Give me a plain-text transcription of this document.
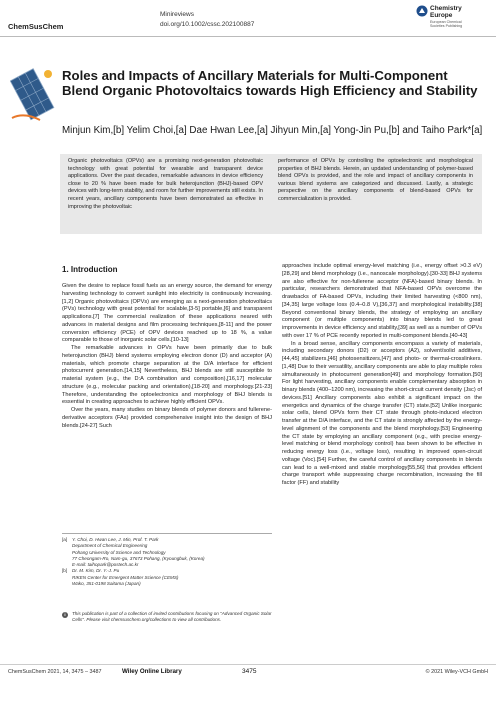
ChemSusChem
Minireviews
doi.org/10.1002/cssc.202100887
Chemistry
Europe
European Chemical
Societies Publishing
Roles and Impacts of Ancillary Materials for Multi-Component Blend Organic Photovoltaics towards High Efficiency and Stability
Minjun Kim,[b] Yelim Choi,[a] Dae Hwan Lee,[a] Jihyun Min,[a] Yong-Jin Pu,[b] and Taiho Park*[a]
Organic photovoltaics (OPVs) are a promising next-generation photovoltaic technology with great potential for wearable and transparent device applications. Over the past decades, remarkable advances in device efficiency close to 20 % have been made for bulk heterojunction (BHJ)-based OPV devices with long-term stability, and room for further improvements still exists. In recent years, ancillary components have been demonstrated as effective in improving the photovoltaic
performance of OPVs by controlling the optoelectronic and morphological properties of BHJ blends. Herein, an updated understanding of polymer-based blend OPVs is provided, and the role and impact of ancillary components in various blend systems are categorized and discussed. Lastly, a strategic perspective on the ancillary components of blend-based OPVs for commercialization is provided.
1. Introduction

Given the desire to replace fossil fuels as an energy source, the demand for energy harvesting technology to convert sunlight into electricity is continuously increasing.[1,2] Organic photovoltaics (OPVs) are emerging as a next-generation photovoltaics (PVs) technology with great potential for scalable,[3-5] portable,[6] and transparent applications.[7] The commercial realization of these applications neared with advances in material designs and film processing techniques,[8-11] and the power conversion efficiency (PCE) of OPV devices reached up to 18 %, a value comparable to those of inorganic solar cells.[10-13]

The remarkable advances in OPVs have been primarily due to bulk heterojunction (BHJ) blend systems employing electron donor (D) and acceptor (A) materials, which promote charge separation at the D/A interface for efficient photocurrent generation.[14,15] Nevertheless, BHJ blends are still susceptible to material system (e.g., the D:A combination and composition),[16,17] molecular structure (e.g., molecular packing and orientation),[18-20] and morphology.[21-23] Therefore, understanding the optoelectronics and morphology of BHJ blends is essential in creating approaches to achieve highly efficient OPVs.

Over the years, many studies on binary blends of polymer donors and fullerene-derivative acceptors (FAs) provided comprehensive insight into the design of BHJ blends.[24-27] Such

approaches include optimal energy-level matching (i.e., energy offset >0.3 eV)[28,29] and blend morphology (i.e., nanoscale morphology).[30-33] BHJ systems are also effective for non-fullerene acceptor (NFA)-based binary blends. In particular, researchers demonstrated that NFA-based OPVs overcome the drawbacks of FA-based OPVs, including their limited harvesting (<800 nm),[34,35] large voltage loss (0.4–0.8 V),[36,37] and morphological instability.[38] Beyond conventional binary blends, the strategy of employing an ancillary component (or multiple components) into binary blends led to great improvements in device efficiency and stability,[39] as well as a number of OPVs with over 17 % of PCE recently reported in multi-component blends.[40-43]

In a broad sense, ancillary components encompass a variety of materials, including secondary donors (D2) or acceptors (A2), solvent/solid additives,[44,45] stabilizers,[46] photosensitizers,[47] and photo- or thermal-crosslinkers.[1,48] Due to their versatility, ancillary components are able to play multiple roles simultaneously in photocurrent generation[49] and morphology formation.[50] For light harvesting, ancillary components enable complementary absorption in binary blends (400–1200 nm), increasing the short-circuit current density (Jsc) of devices.[51] Ancillary components also exhibit a significant impact on the energetics and dynamics of the charge transfer (CT) state.[52] Unlike inorganic solar cells, blend OPVs form their CT state through photo-induced electron transfer at the D/A interface, and the CT state is strongly affected by the energy-level alignment of the components and the blend morphology.[53] Engineering the CT state by employing an ancillary component (e.g., with precise energy-level matching or blend morphology control) has been shown to be effective in reducing energy loss (i.e., voltage loss), resulting in improved open-circuit voltage (Voc).[54] Further, the careful control of ancillary components in blends can lead to a well-mixed and stable morphology[55,56] that provides efficient charge transport while suppressing charge recombination, increasing the fill factor (FF) and stability

[a] Y. Choi, D. Hwan Lee, J. Min, Prof. T. Park
Department of Chemical Engineering
Pohang University of Science and Technology
77 Cheongam-Ro, Nam-gu, 37673 Pohang, (Kyoungbuk, (Korea)
E-mail: taihopark@postech.ac.kr
[b] Dr. M. Kim, Dr. Y.-J. Pu
RIKEN Center for Emergent Matter Science (CEMS)
Wako, 351-0198 Saitama (Japan)
i	This publication is part of a collection of invited contributions focusing on "Advanced Organic Solar Cells". Please visit chemsuschem.org/collections to view all contributions.
ChemSusChem 2021, 14, 3475 – 3487	Wiley Online Library	3475	© 2021 Wiley-VCH GmbH
